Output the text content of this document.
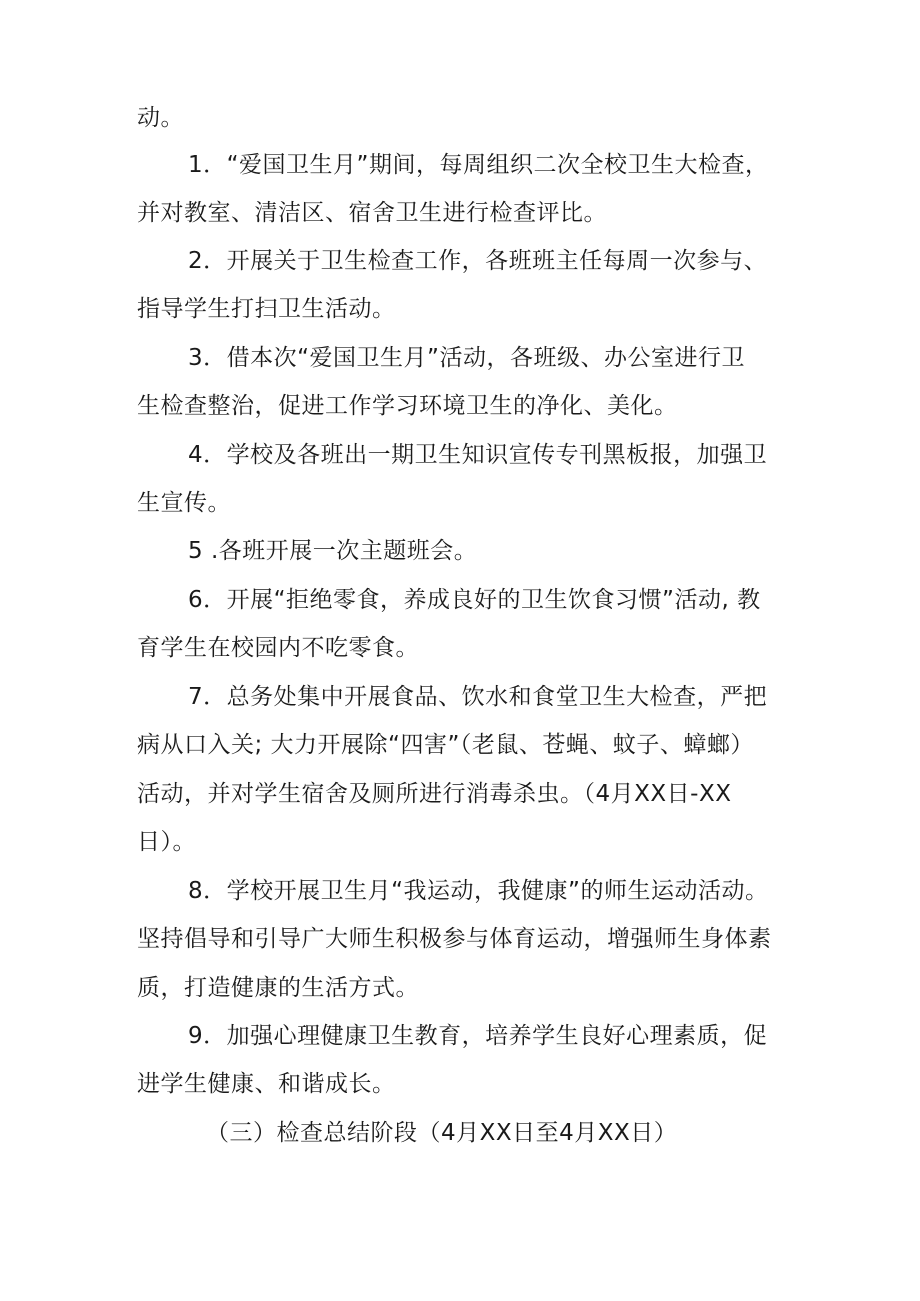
动。
1．“爱国卫生月”期间，每周组织二次全校卫生大检查，
并对教室、清洁区、宿舍卫生进行检查评比。
2．开展关于卫生检查工作，各班班主任每周一次参与、
指导学生打扫卫生活动。
3．借本次“爱国卫生月”活动，各班级、办公室进行卫
生检查整治，促进工作学习环境卫生的净化、美化。
4．学校及各班出一期卫生知识宣传专刊黑板报，加强卫
生宣传。
5 .各班开展一次主题班会。
6．开展“拒绝零食，养成良好的卫生饮食习惯”活动, 教
育学生在校园内不吃零食。
7．总务处集中开展食品、饮水和食堂卫生大检查，严把
病从口入关; 大力开展除“四害”（老鼠、苍蝇、蚊子、蟑螂）
活动，并对学生宿舍及厕所进行消毒杀虫。（4月XX日-XX
日）。
8．学校开展卫生月“我运动，我健康”的师生运动活动。
坚持倡导和引导广大师生积极参与体育运动，增强师生身体素
质，打造健康的生活方式。
9．加强心理健康卫生教育，培养学生良好心理素质，促
进学生健康、和谐成长。
（三）检查总结阶段（4月XX日至4月XX日）
